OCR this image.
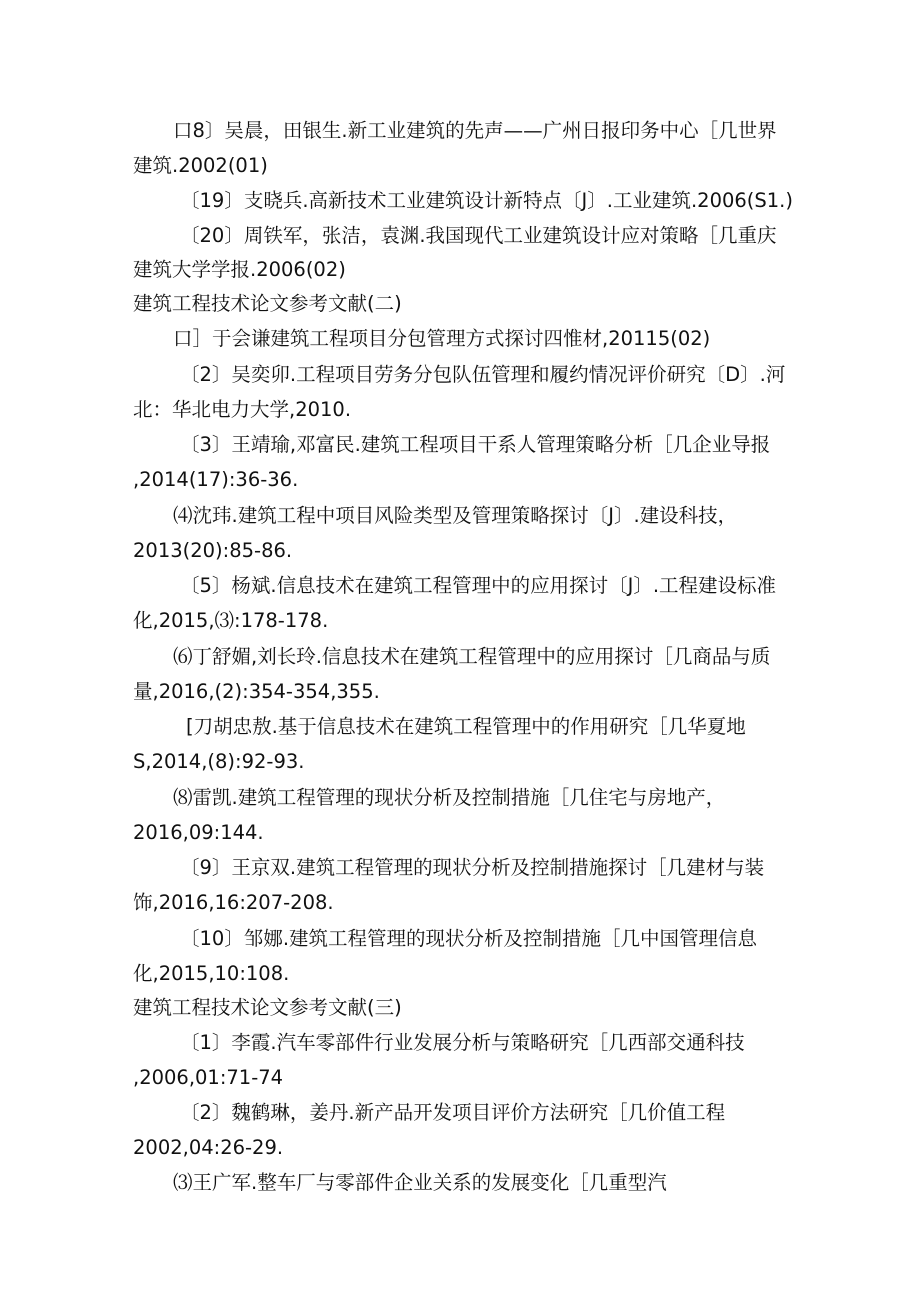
口8〕吴晨，田银生.新工业建筑的先声——广州日报印务中心［几世界
建筑.2002(01)
〔19〕支晓兵.高新技术工业建筑设计新特点〔J〕.工业建筑.2006(S1.)
〔20〕周铁军，张洁，袁渊.我国现代工业建筑设计应对策略［几重庆
建筑大学学报.2006(02)
建筑工程技术论文参考文献(二)
口］于会谦建筑工程项目分包管理方式探讨四惟材,20115(02)
〔2〕吴奕卯.工程项目劳务分包队伍管理和履约情况评价研究〔D〕.河
北：华北电力大学,2010.
〔3〕王靖瑜,邓富民.建筑工程项目干系人管理策略分析［几企业导报
,2014(17):36-36.
⑷沈玮.建筑工程中项目风险类型及管理策略探讨〔J〕.建设科技，
2013(20):85-86.
〔5〕杨斌.信息技术在建筑工程管理中的应用探讨〔J〕.工程建设标准
化,2015,⑶:178-178.
⑹丁舒媚,刘长玲.信息技术在建筑工程管理中的应用探讨［几商品与质
量,2016,(2):354-354,355.
[刀胡忠敖.基于信息技术在建筑工程管理中的作用研究［几华夏地
S,2014,(8):92-93.
⑻雷凯.建筑工程管理的现状分析及控制措施［几住宅与房地产，
2016,09:144.
〔9〕王京双.建筑工程管理的现状分析及控制措施探讨［几建材与装
饰,2016,16:207-208.
〔10〕邹娜.建筑工程管理的现状分析及控制措施［几中国管理信息
化,2015,10:108.
建筑工程技术论文参考文献(三)
〔1〕李霞.汽车零部件行业发展分析与策略研究［几西部交通科技
,2006,01:71-74
〔2〕魏鹤琳，姜丹.新产品开发项目评价方法研究［几价值工程
2002,04:26-29.
⑶王广军.整车厂与零部件企业关系的发展变化［几重型汽
